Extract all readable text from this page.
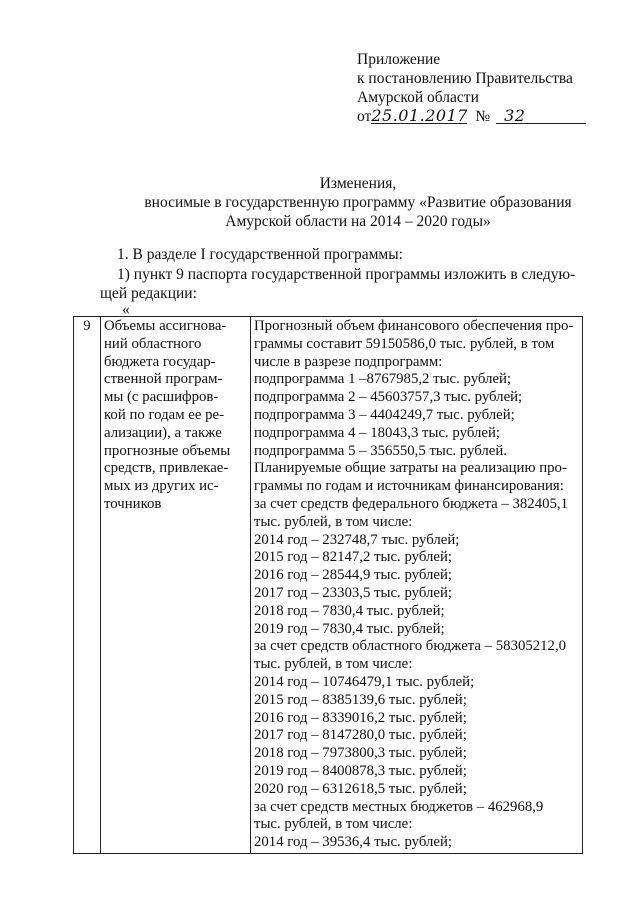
Приложение
к постановлению Правительства
Амурской области
от25.01.2017 № 32
Изменения,
вносимые в государственную программу «Развитие образования
Амурской области на 2014 – 2020 годы»
1. В разделе I государственной программы:
1) пункт 9 паспорта государственной программы изложить в следую-
щей редакции:
«
9	Объемы ассигнова-
ний областного
бюджета государ-
ственной програм-
мы (с расшифров-
кой по годам ее ре-
ализации), а также
прогнозные объемы
средств, привлекае-
мых из других ис-
точников

Прогнозный объем финансового обеспечения про-
граммы составит 59150586,0 тыс. рублей, в том
числе в разрезе подпрограмм:
подпрограмма 1 –8767985,2 тыс. рублей;
подпрограмма 2 – 45603757,3 тыс. рублей;
подпрограмма 3 – 4404249,7 тыс. рублей;
подпрограмма 4 – 18043,3 тыс. рублей;
подпрограмма 5 – 356550,5 тыс. рублей.
Планируемые общие затраты на реализацию про-
граммы по годам и источникам финансирования:
за счет средств федерального бюджета – 382405,1
тыс. рублей, в том числе:
2014 год – 232748,7 тыс. рублей;
2015 год – 82147,2 тыс. рублей;
2016 год – 28544,9 тыс. рублей;
2017 год – 23303,5 тыс. рублей;
2018 год – 7830,4 тыс. рублей;
2019 год – 7830,4 тыс. рублей;
за счет средств областного бюджета – 58305212,0
тыс. рублей, в том числе:
2014 год – 10746479,1 тыс. рублей;
2015 год – 8385139,6 тыс. рублей;
2016 год – 8339016,2 тыс. рублей;
2017 год – 8147280,0 тыс. рублей;
2018 год – 7973800,3 тыс. рублей;
2019 год – 8400878,3 тыс. рублей;
2020 год – 6312618,5 тыс. рублей;
за счет средств местных бюджетов – 462968,9
тыс. рублей, в том числе:
2014 год – 39536,4 тыс. рублей;
